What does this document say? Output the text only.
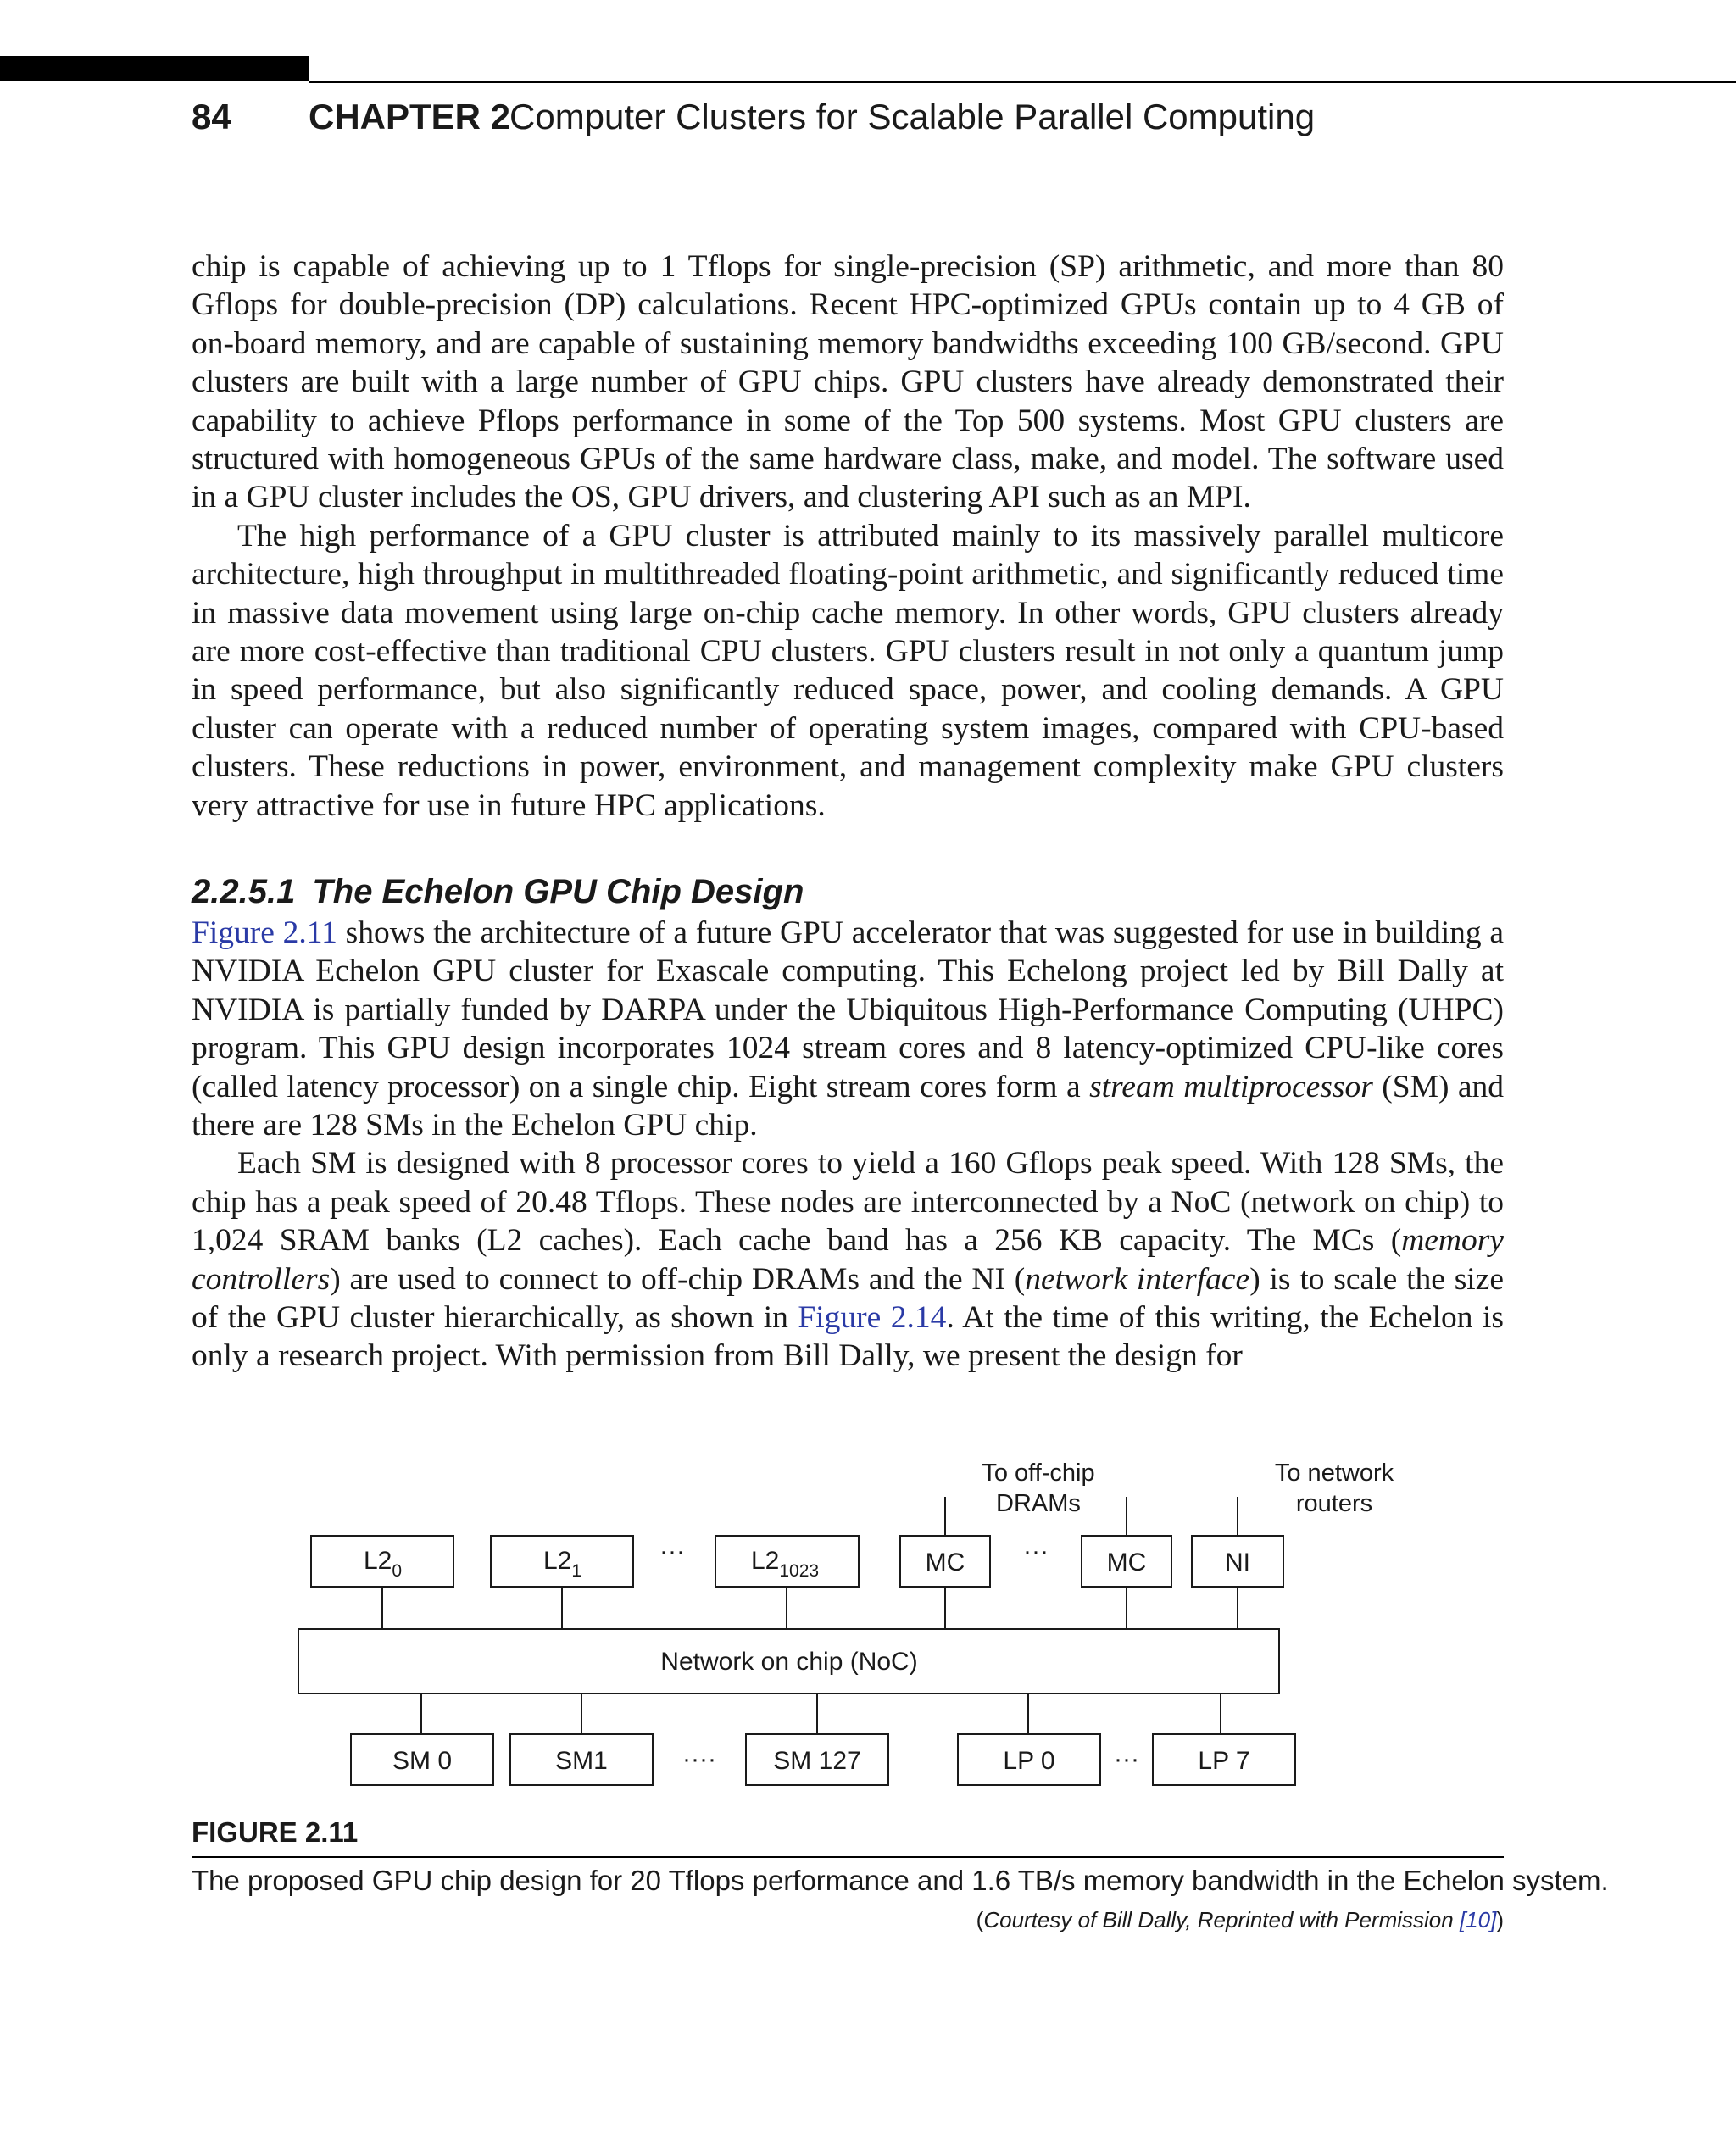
84 CHAPTER 2
Computer Clusters for Scalable Parallel Computing

chip is capable of achieving up to 1 Tflops for single-precision (SP) arithmetic, and more than 80 Gflops for double-precision (DP) calculations. Recent HPC-optimized GPUs contain up to 4 GB of on-board memory, and are capable of sustaining memory bandwidths exceeding 100 GB/second. GPU clusters are built with a large number of GPU chips. GPU clusters have already demonstrated their capability to achieve Pflops performance in some of the Top 500 systems. Most GPU clusters are structured with homogeneous GPUs of the same hardware class, make, and model. The software used in a GPU cluster includes the OS, GPU drivers, and clustering API such as an MPI.

The high performance of a GPU cluster is attributed mainly to its massively parallel multicore architecture, high throughput in multithreaded floating-point arithmetic, and significantly reduced time in massive data movement using large on-chip cache memory. In other words, GPU clusters already are more cost-effective than traditional CPU clusters. GPU clusters result in not only a quantum jump in speed performance, but also significantly reduced space, power, and cooling demands. A GPU cluster can operate with a reduced number of operating system images, compared with CPU-based clusters. These reductions in power, environment, and management complexity make GPU clusters very attractive for use in future HPC applications.

2.2.5.1 The Echelon GPU Chip Design

Figure 2.11 shows the architecture of a future GPU accelerator that was suggested for use in building a NVIDIA Echelon GPU cluster for Exascale computing. This Echelong project led by Bill Dally at NVIDIA is partially funded by DARPA under the Ubiquitous High-Performance Computing (UHPC) program. This GPU design incorporates 1024 stream cores and 8 latency-optimized CPU-like cores (called latency processor) on a single chip. Eight stream cores form a stream multiprocessor (SM) and there are 128 SMs in the Echelon GPU chip.

Each SM is designed with 8 processor cores to yield a 160 Gflops peak speed. With 128 SMs, the chip has a peak speed of 20.48 Tflops. These nodes are interconnected by a NoC (network on chip) to 1,024 SRAM banks (L2 caches). Each cache band has a 256 KB capacity. The MCs (memory controllers) are used to connect to off-chip DRAMs and the NI (network interface) is to scale the size of the GPU cluster hierarchically, as shown in Figure 2.14. At the time of this writing, the Echelon is only a research project. With permission from Bill Dally, we present the design for

To off-chip
DRAMs
To network
routers
$L2_0$	$L2_1$	$L2_{1023}$	MC	MC	NI
···	···
Network on chip (NoC)
SM 0	SM1	SM 127	LP 0	LP 7
····	···
FIGURE 2.11
The proposed GPU chip design for 20 Tflops performance and 1.6 TB/s memory bandwidth in the Echelon system.
(Courtesy of Bill Dally, Reprinted with Permission [10])
